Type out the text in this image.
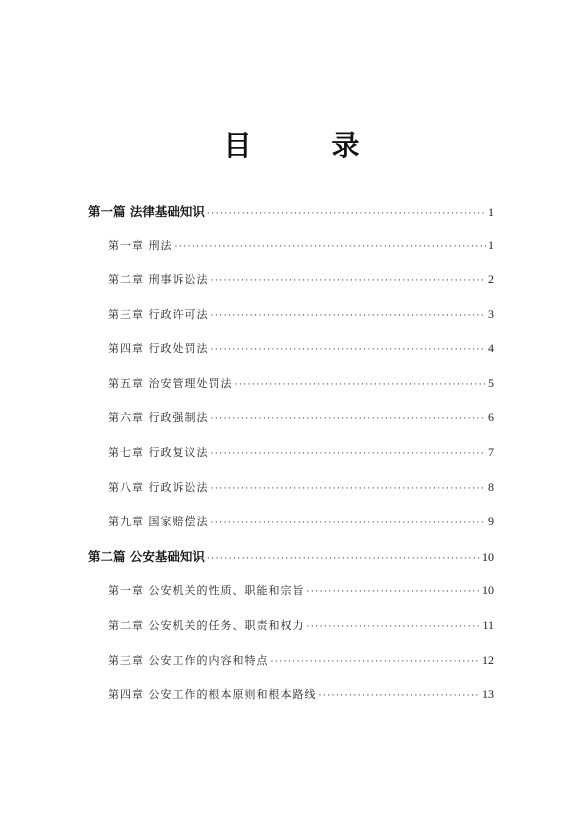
目　录
第一篇 法律基础知识 ·····	1
第一章 刑法 ·····	1
第二章 刑事诉讼法 ·····	2
第三章 行政许可法 ·····	3
第四章 行政处罚法 ·····	4
第五章 治安管理处罚法 ·····	5
第六章 行政强制法 ·····	6
第七章 行政复议法 ·····	7
第八章 行政诉讼法 ·····	8
第九章 国家赔偿法 ·····	9
第二篇 公安基础知识 ·····	10
第一章 公安机关的性质、职能和宗旨 ·····	10
第二章 公安机关的任务、职责和权力 ·····	11
第三章 公安工作的内容和特点 ·····	12
第四章 公安工作的根本原则和根本路线 ·····	13
